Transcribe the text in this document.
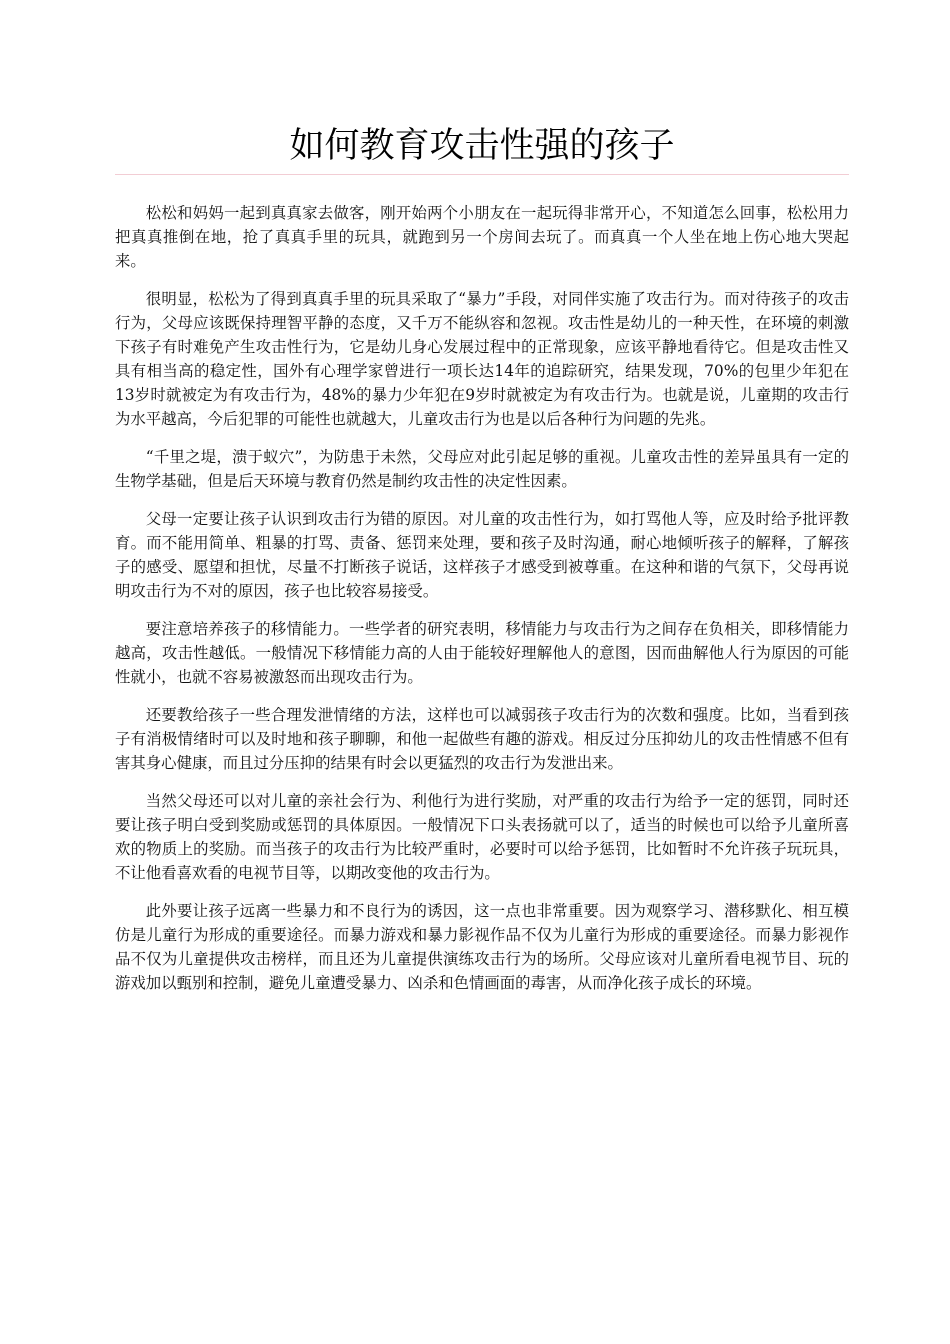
如何教育攻击性强的孩子

松松和妈妈一起到真真家去做客，刚开始两个小朋友在一起玩得非常开心，不知道怎么回事，松松用力把真真推倒在地，抢了真真手里的玩具，就跑到另一个房间去玩了。而真真一个人坐在地上伤心地大哭起来。

很明显，松松为了得到真真手里的玩具采取了“暴力”手段，对同伴实施了攻击行为。而对待孩子的攻击行为，父母应该既保持理智平静的态度，又千万不能纵容和忽视。攻击性是幼儿的一种天性，在环境的刺激下孩子有时难免产生攻击性行为，它是幼儿身心发展过程中的正常现象，应该平静地看待它。但是攻击性又具有相当高的稳定性，国外有心理学家曾进行一项长达14年的追踪研究，结果发现，70%的包里少年犯在13岁时就被定为有攻击行为，48%的暴力少年犯在9岁时就被定为有攻击行为。也就是说，儿童期的攻击行为水平越高，今后犯罪的可能性也就越大，儿童攻击行为也是以后各种行为问题的先兆。

“千里之堤，溃于蚁穴”，为防患于未然，父母应对此引起足够的重视。儿童攻击性的差异虽具有一定的生物学基础，但是后天环境与教育仍然是制约攻击性的决定性因素。

父母一定要让孩子认识到攻击行为错的原因。对儿童的攻击性行为，如打骂他人等，应及时给予批评教育。而不能用简单、粗暴的打骂、责备、惩罚来处理，要和孩子及时沟通，耐心地倾听孩子的解释，了解孩子的感受、愿望和担忧，尽量不打断孩子说话，这样孩子才感受到被尊重。在这种和谐的气氛下，父母再说明攻击行为不对的原因，孩子也比较容易接受。

要注意培养孩子的移情能力。一些学者的研究表明，移情能力与攻击行为之间存在负相关，即移情能力越高，攻击性越低。一般情况下移情能力高的人由于能较好理解他人的意图，因而曲解他人行为原因的可能性就小，也就不容易被激怒而出现攻击行为。

还要教给孩子一些合理发泄情绪的方法，这样也可以减弱孩子攻击行为的次数和强度。比如，当看到孩子有消极情绪时可以及时地和孩子聊聊，和他一起做些有趣的游戏。相反过分压抑幼儿的攻击性情感不但有害其身心健康，而且过分压抑的结果有时会以更猛烈的攻击行为发泄出来。

当然父母还可以对儿童的亲社会行为、利他行为进行奖励，对严重的攻击行为给予一定的惩罚，同时还要让孩子明白受到奖励或惩罚的具体原因。一般情况下口头表扬就可以了，适当的时候也可以给予儿童所喜欢的物质上的奖励。而当孩子的攻击行为比较严重时，必要时可以给予惩罚，比如暂时不允许孩子玩玩具，不让他看喜欢看的电视节目等，以期改变他的攻击行为。

此外要让孩子远离一些暴力和不良行为的诱因，这一点也非常重要。因为观察学习、潜移默化、相互模仿是儿童行为形成的重要途径。而暴力游戏和暴力影视作品不仅为儿童行为形成的重要途径。而暴力影视作品不仅为儿童提供攻击榜样，而且还为儿童提供演练攻击行为的场所。父母应该对儿童所看电视节目、玩的游戏加以甄别和控制，避免儿童遭受暴力、凶杀和色情画面的毒害，从而净化孩子成长的环境。
